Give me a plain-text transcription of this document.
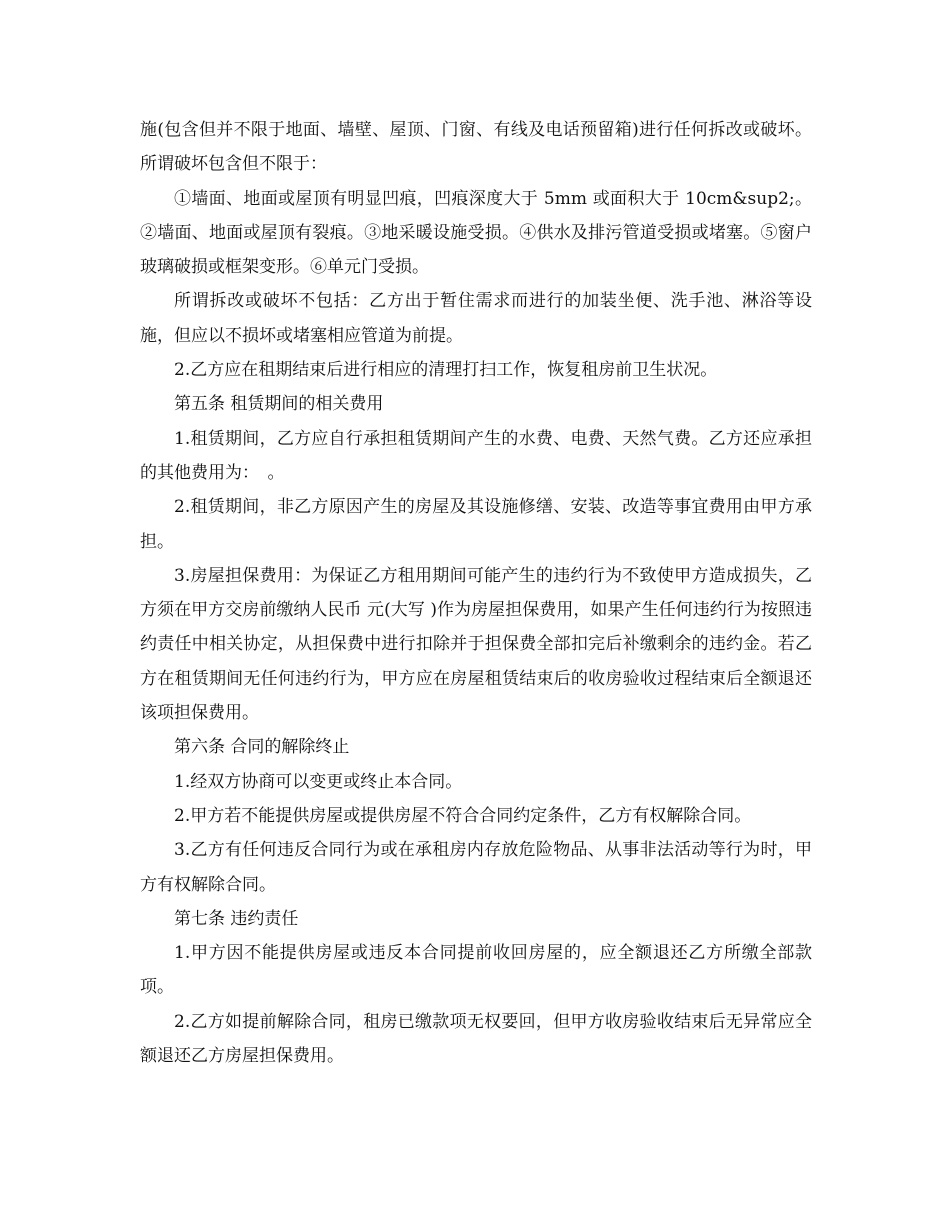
施(包含但并不限于地面、墙壁、屋顶、门窗、有线及电话预留箱)进行任何拆改或破坏。所谓破坏包含但不限于：

①墙面、地面或屋顶有明显凹痕，凹痕深度大于 5mm 或面积大于 10cm&sup2;。②墙面、地面或屋顶有裂痕。③地采暖设施受损。④供水及排污管道受损或堵塞。⑤窗户玻璃破损或框架变形。⑥单元门受损。

所谓拆改或破坏不包括：乙方出于暂住需求而进行的加装坐便、洗手池、淋浴等设施，但应以不损坏或堵塞相应管道为前提。

2.乙方应在租期结束后进行相应的清理打扫工作，恢复租房前卫生状况。

第五条 租赁期间的相关费用

1.租赁期间，乙方应自行承担租赁期间产生的水费、电费、天然气费。乙方还应承担的其他费用为：　。

2.租赁期间，非乙方原因产生的房屋及其设施修缮、安装、改造等事宜费用由甲方承担。

3.房屋担保费用：为保证乙方租用期间可能产生的违约行为不致使甲方造成损失，乙方须在甲方交房前缴纳人民币 元(大写 )作为房屋担保费用，如果产生任何违约行为按照违约责任中相关协定，从担保费中进行扣除并于担保费全部扣完后补缴剩余的违约金。若乙方在租赁期间无任何违约行为，甲方应在房屋租赁结束后的收房验收过程结束后全额退还该项担保费用。

第六条 合同的解除终止

1.经双方协商可以变更或终止本合同。

2.甲方若不能提供房屋或提供房屋不符合合同约定条件，乙方有权解除合同。

3.乙方有任何违反合同行为或在承租房内存放危险物品、从事非法活动等行为时，甲方有权解除合同。

第七条 违约责任

1.甲方因不能提供房屋或违反本合同提前收回房屋的，应全额退还乙方所缴全部款项。

2.乙方如提前解除合同，租房已缴款项无权要回，但甲方收房验收结束后无异常应全额退还乙方房屋担保费用。
